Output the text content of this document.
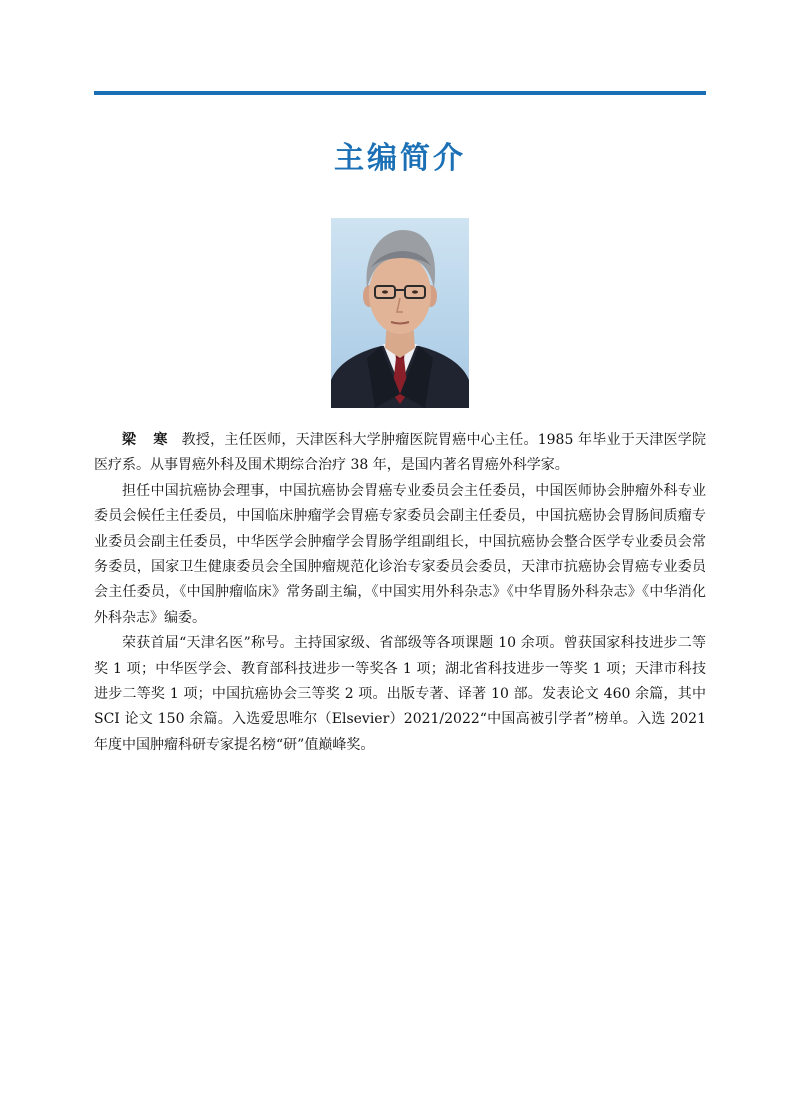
主编简介

梁 寒 教授，主任医师，天津医科大学肿瘤医院胃癌中心主任。1985 年毕业于天津医学院医疗系。从事胃癌外科及围术期综合治疗 38 年，是国内著名胃癌外科学家。

担任中国抗癌协会理事，中国抗癌协会胃癌专业委员会主任委员，中国医师协会肿瘤外科专业委员会候任主任委员，中国临床肿瘤学会胃癌专家委员会副主任委员，中国抗癌协会胃肠间质瘤专业委员会副主任委员，中华医学会肿瘤学会胃肠学组副组长，中国抗癌协会整合医学专业委员会常务委员，国家卫生健康委员会全国肿瘤规范化诊治专家委员会委员，天津市抗癌协会胃癌专业委员会主任委员，《中国肿瘤临床》常务副主编，《中国实用外科杂志》《中华胃肠外科杂志》《中华消化外科杂志》编委。

荣获首届“天津名医”称号。主持国家级、省部级等各项课题 10 余项。曾获国家科技进步二等奖 1 项；中华医学会、教育部科技进步一等奖各 1 项；湖北省科技进步一等奖 1 项；天津市科技进步二等奖 1 项；中国抗癌协会三等奖 2 项。出版专著、译著 10 部。发表论文 460 余篇，其中 SCI 论文 150 余篇。入选爱思唯尔（Elsevier）2021/2022“中国高被引学者”榜单。入选 2021 年度中国肿瘤科研专家提名榜“研”值巅峰奖。
